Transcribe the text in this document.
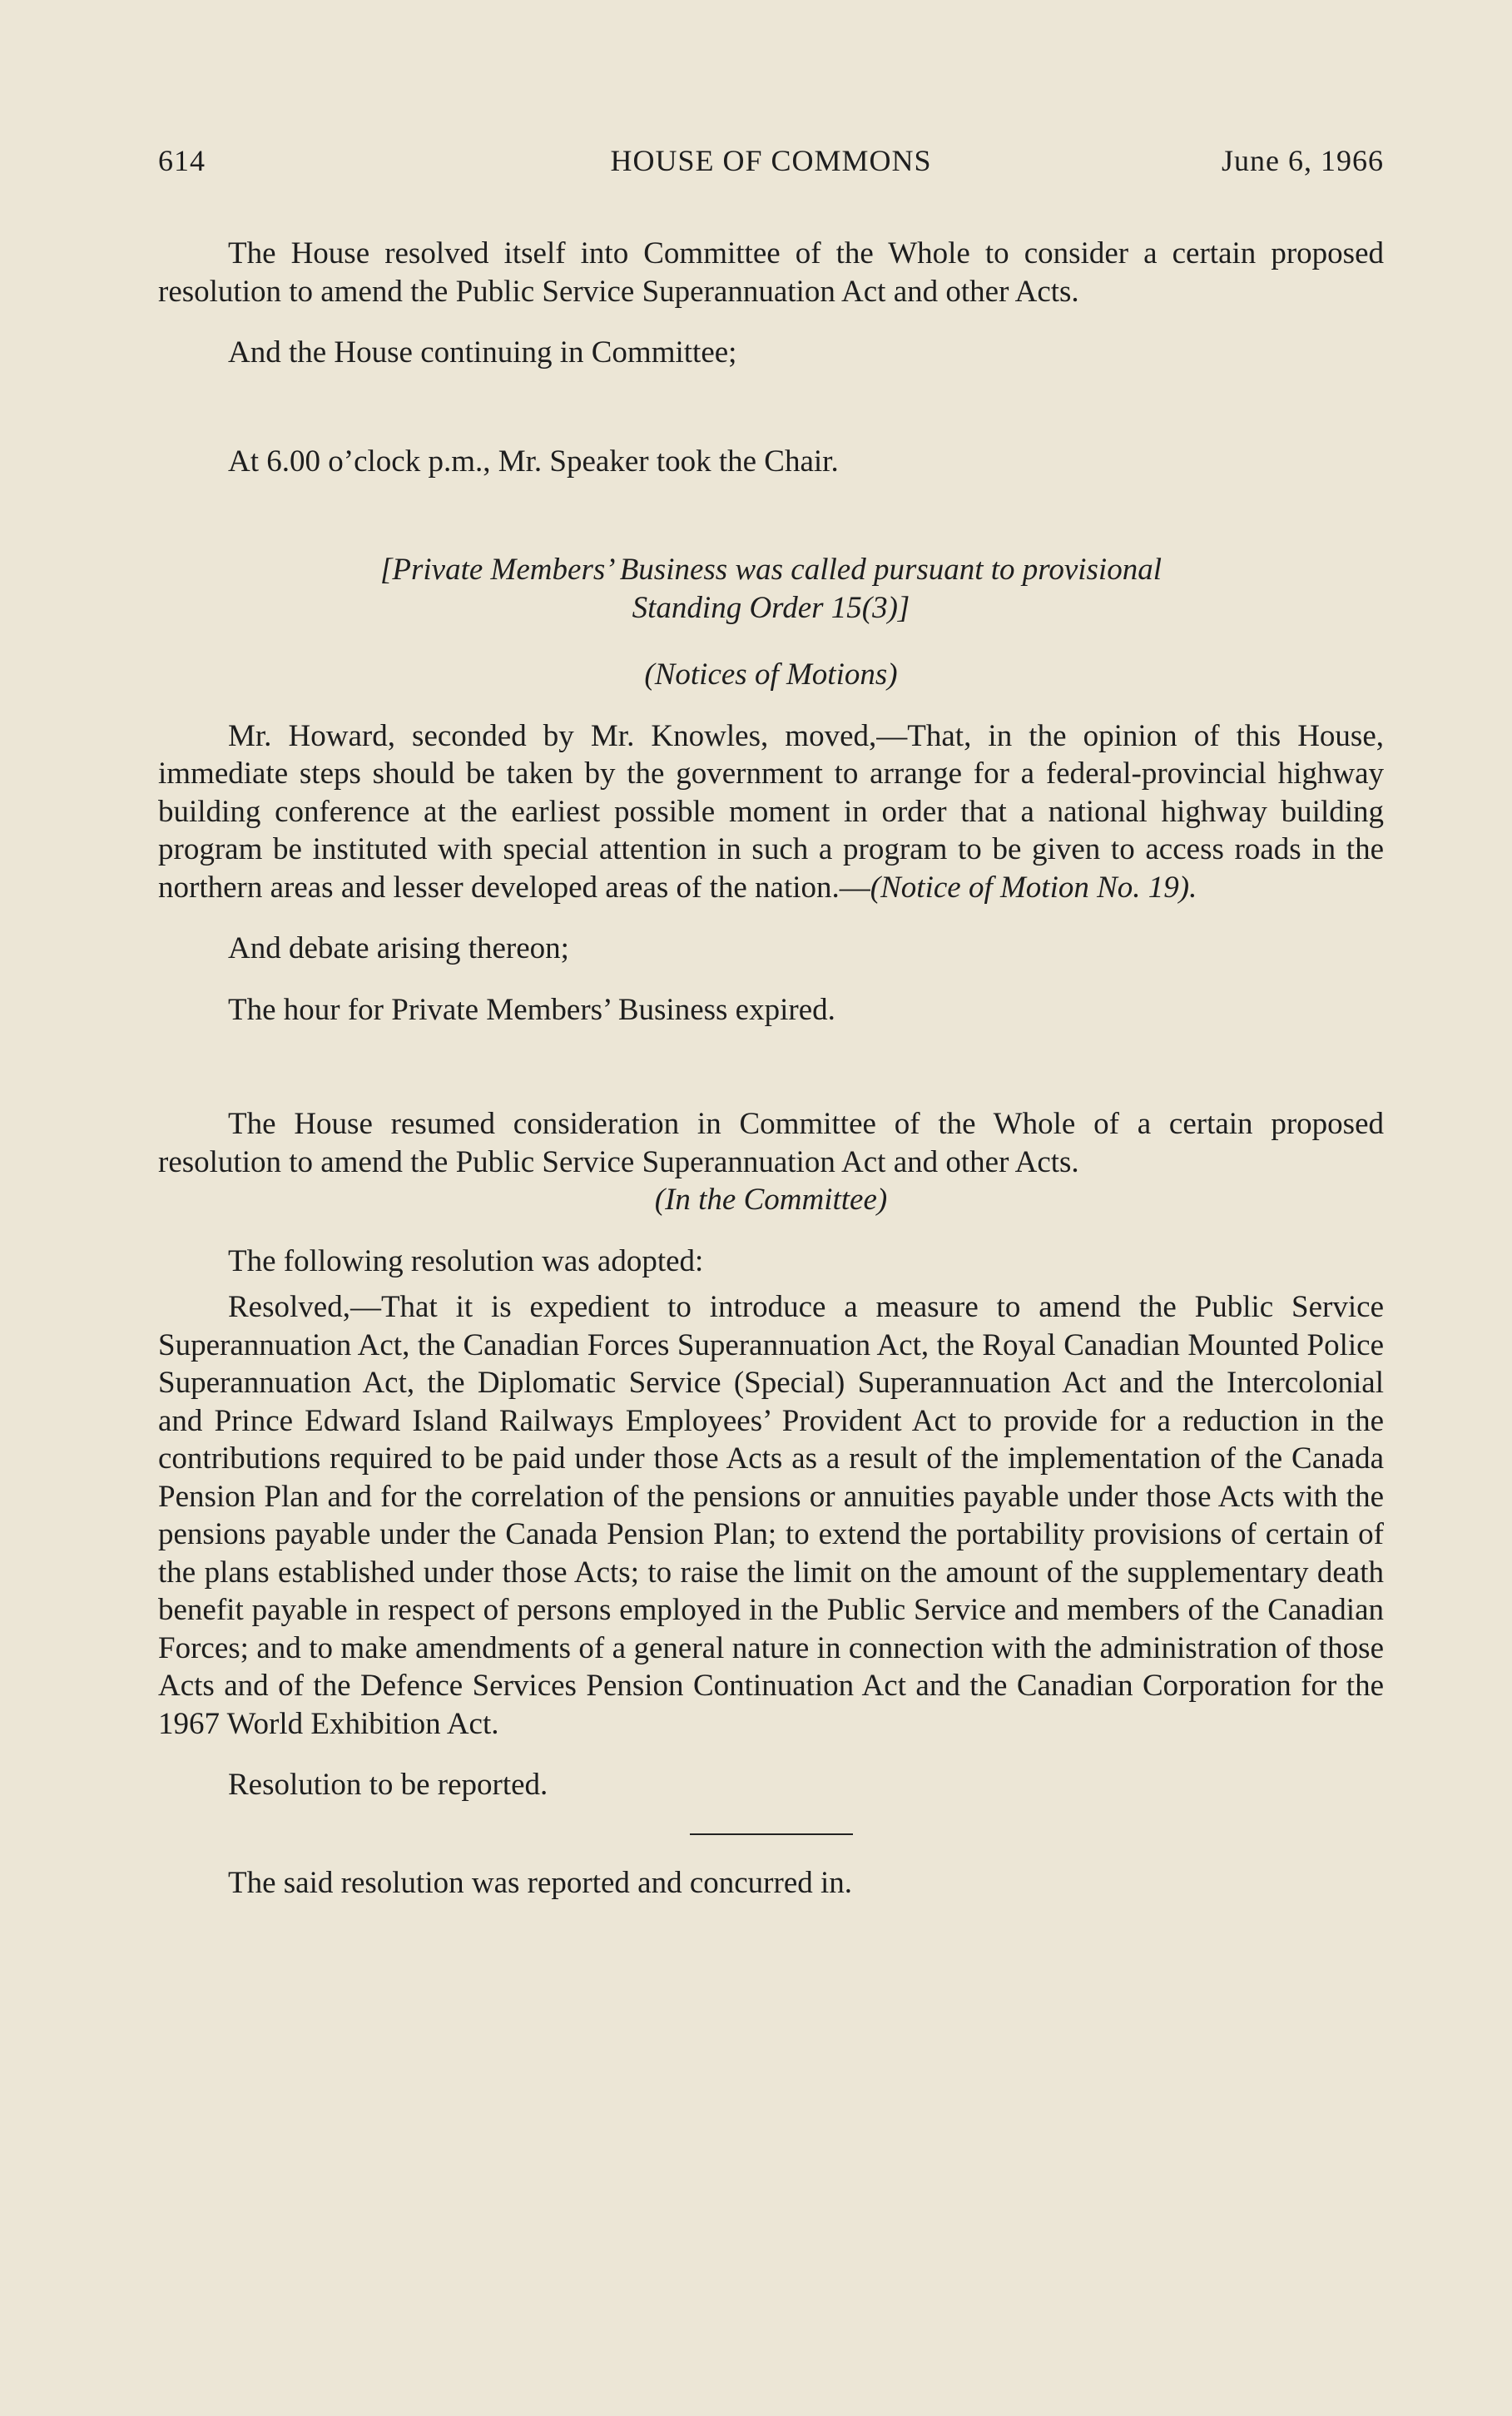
614	HOUSE OF COMMONS	June 6, 1966

The House resolved itself into Committee of the Whole to consider a certain proposed resolution to amend the Public Service Superannuation Act and other Acts.

And the House continuing in Committee;

At 6.00 o’clock p.m., Mr. Speaker took the Chair.

[Private Members’ Business was called pursuant to provisional

Standing Order 15(3)]

(Notices of Motions)

Mr. Howard, seconded by Mr. Knowles, moved,—That, in the opinion of this House, immediate steps should be taken by the government to arrange for a federal-provincial highway building conference at the earliest possible moment in order that a national highway building program be instituted with special attention in such a program to be given to access roads in the northern areas and lesser developed areas of the nation.—(Notice of Motion No. 19).

And debate arising thereon;

The hour for Private Members’ Business expired.

The House resumed consideration in Committee of the Whole of a certain proposed resolution to amend the Public Service Superannuation Act and other Acts.

(In the Committee)

The following resolution was adopted:

Resolved,—That it is expedient to introduce a measure to amend the Public Service Superannuation Act, the Canadian Forces Superannuation Act, the Royal Canadian Mounted Police Superannuation Act, the Diplomatic Service (Special) Superannuation Act and the Intercolonial and Prince Edward Island Railways Employees’ Provident Act to provide for a reduction in the contributions required to be paid under those Acts as a result of the implementation of the Canada Pension Plan and for the correlation of the pensions or annuities payable under those Acts with the pensions payable under the Canada Pension Plan; to extend the portability provisions of certain of the plans established under those Acts; to raise the limit on the amount of the supplementary death benefit payable in respect of persons employed in the Public Service and members of the Canadian Forces; and to make amendments of a general nature in connection with the administration of those Acts and of the Defence Services Pension Continuation Act and the Canadian Corporation for the 1967 World Exhibition Act.

Resolution to be reported.

The said resolution was reported and concurred in.
